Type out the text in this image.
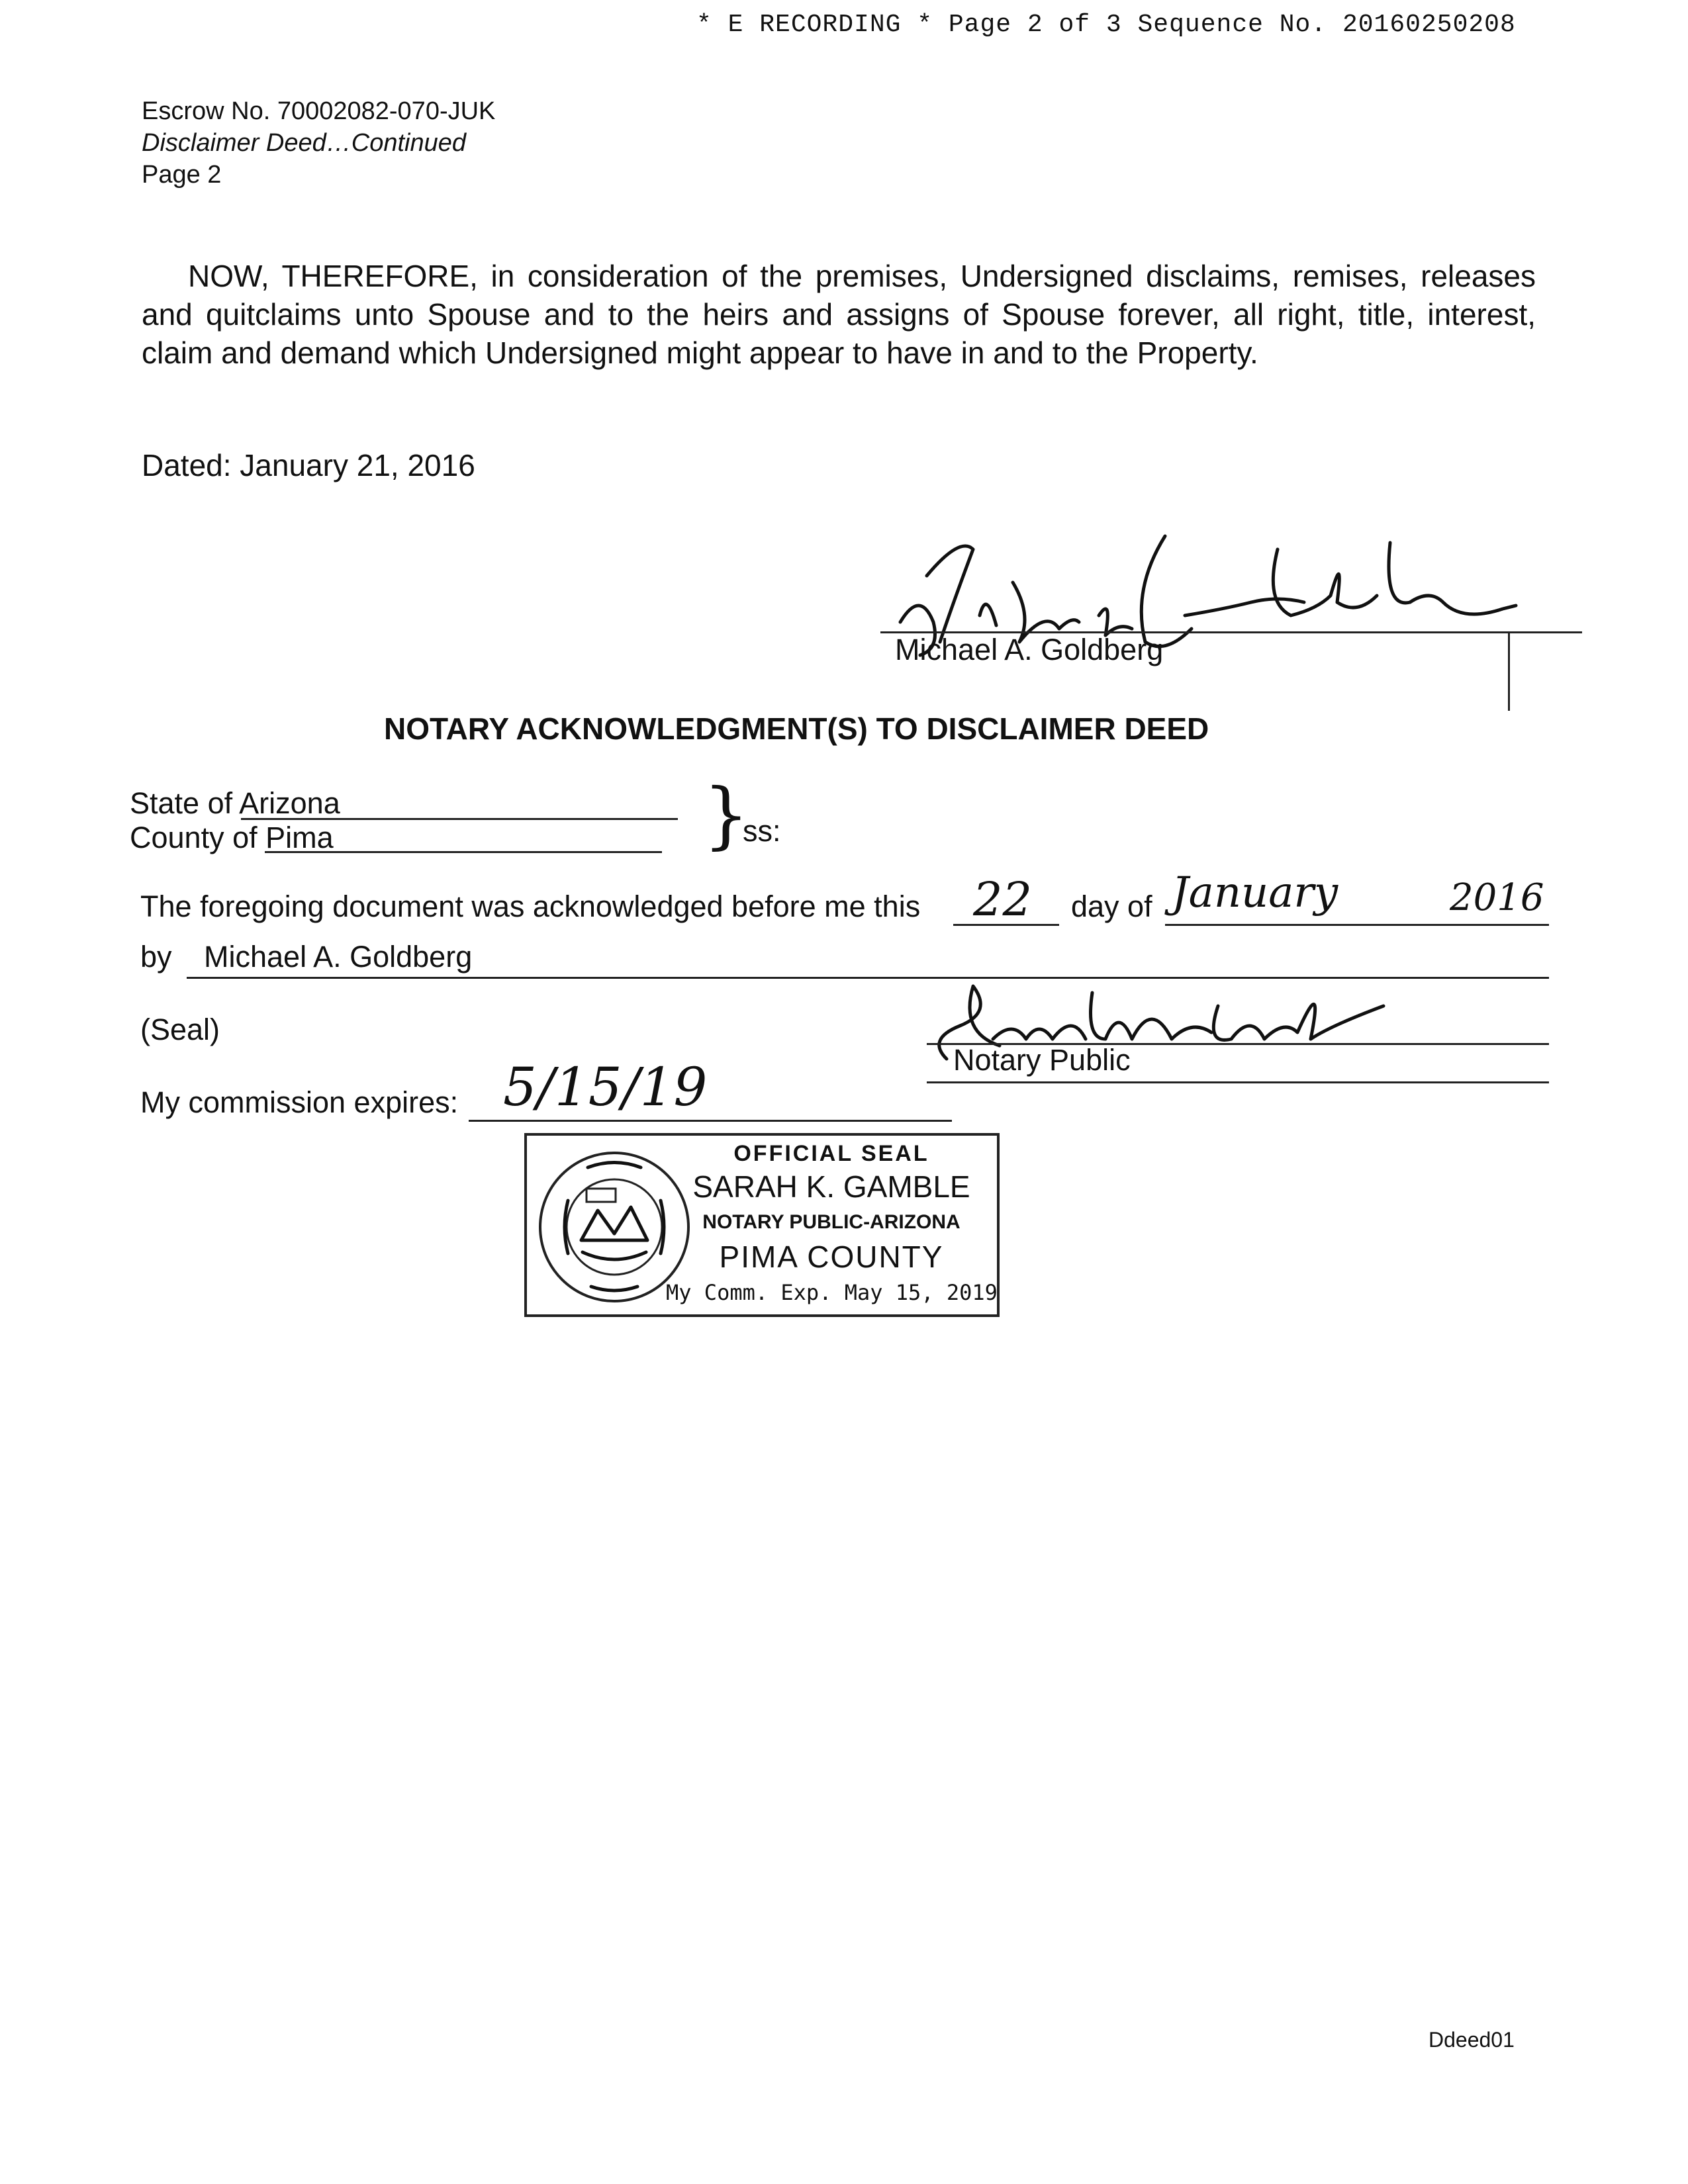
* E RECORDING * Page 2 of 3 Sequence No. 20160250208
Escrow No. 70002082-070-JUK
Disclaimer Deed…Continued
Page 2
NOW, THEREFORE, in consideration of the premises, Undersigned disclaims, remises, releases and quitclaims unto Spouse and to the heirs and assigns of Spouse forever, all right, title, interest, claim and demand which Undersigned might appear to have in and to the Property.
Dated: January 21, 2016
Michael A. Goldberg
NOTARY ACKNOWLEDGMENT(S) TO DISCLAIMER DEED
State of Arizona
County of Pima	}
ss:
The foregoing document was acknowledged before me this 22 day of January	2016
by Michael A. Goldberg
(Seal)
Notary Public
My commission expires: 5/15/19
OFFICIAL SEAL
SARAH K. GAMBLE
NOTARY PUBLIC-ARIZONA
PIMA COUNTY
My Comm. Exp. May 15, 2019
Ddeed01
